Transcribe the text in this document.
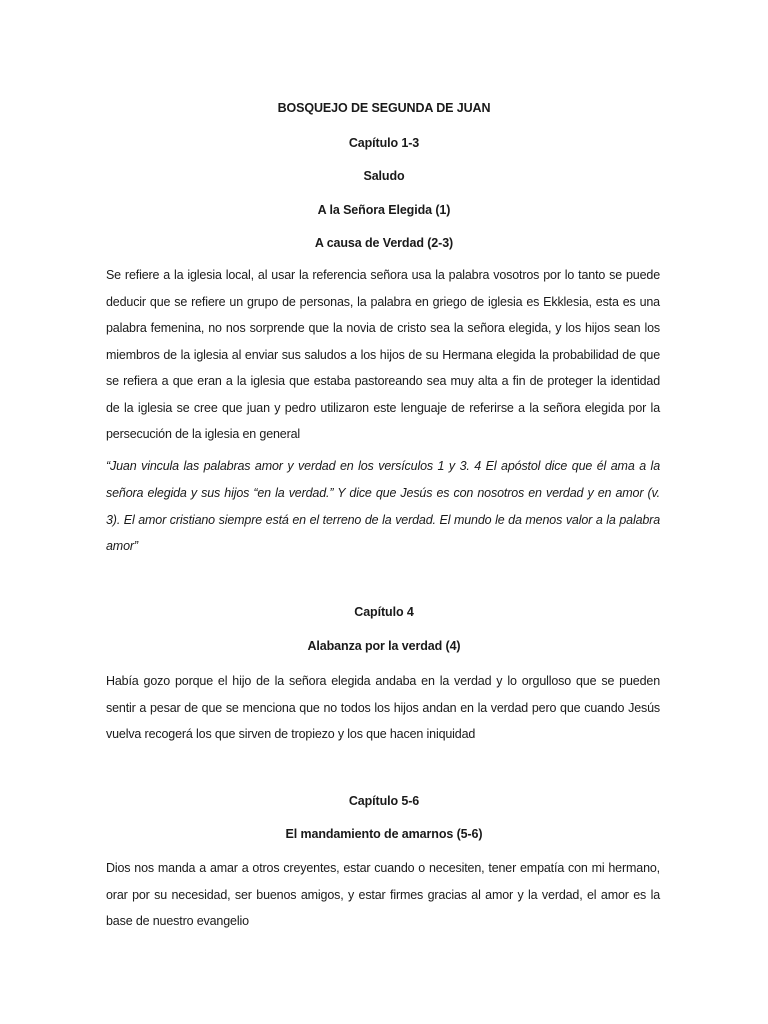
BOSQUEJO DE SEGUNDA DE JUAN
Capítulo 1-3
Saludo
A la Señora Elegida (1)
A causa de Verdad (2-3)
Se refiere a la iglesia local, al usar la referencia señora usa la palabra vosotros por lo tanto se puede deducir que se refiere un grupo de personas, la palabra en griego de iglesia es Ekklesia, esta es una palabra femenina, no nos sorprende que la novia de cristo sea la señora elegida, y los hijos sean los miembros de la iglesia al enviar sus saludos a los hijos de su Hermana elegida la probabilidad de que se refiera a que eran a la iglesia que estaba pastoreando sea muy alta a fin de proteger la identidad de la iglesia se cree que juan y pedro utilizaron este lenguaje de referirse a la señora elegida por la persecución de la iglesia en general
“Juan vincula las palabras amor y verdad en los versículos 1 y 3. 4 El apóstol dice que él ama a la señora elegida y sus hijos “en la verdad.” Y dice que Jesús es con nosotros en verdad y en amor (v. 3). El amor cristiano siempre está en el terreno de la verdad. El mundo le da menos valor a la palabra amor”
Capítulo 4
Alabanza por la verdad (4)
Había gozo porque el hijo de la señora elegida andaba en la verdad y lo orgulloso que se pueden sentir a pesar de que se menciona que no todos los hijos andan en la verdad pero que cuando Jesús vuelva recogerá los que sirven de tropiezo y los que hacen iniquidad
Capítulo 5-6
El mandamiento de amarnos (5-6)
Dios nos manda a amar a otros creyentes, estar cuando o necesiten, tener empatía con mi hermano, orar por su necesidad, ser buenos amigos, y estar firmes gracias al amor y la verdad, el amor es la base de nuestro evangelio
